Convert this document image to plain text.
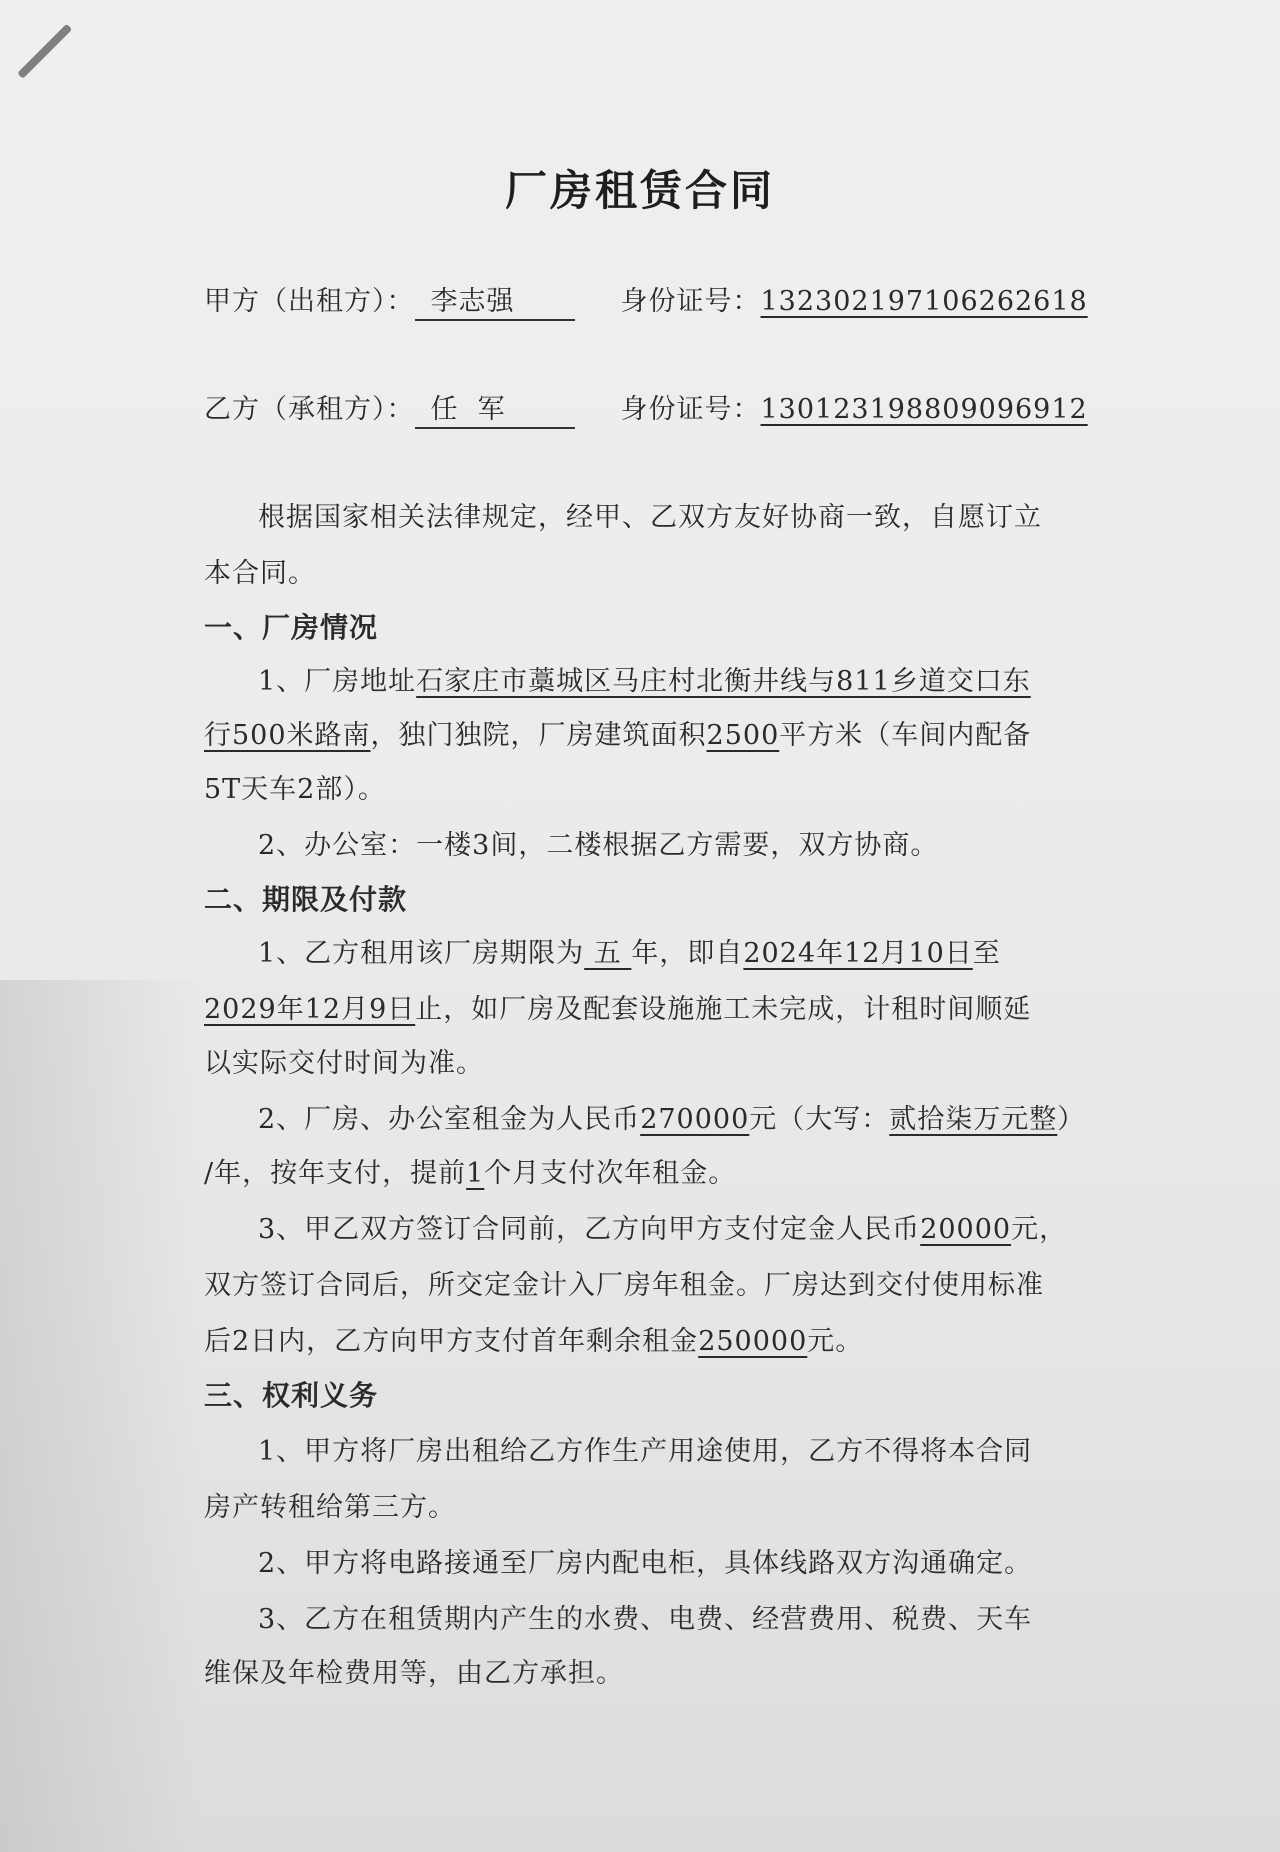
厂房租赁合同
甲方（出租方）： 李志强	身份证号：132302197106262618
乙方（承租方）： 任  军	身份证号：130123198809096912
根据国家相关法律规定，经甲、乙双方友好协商一致，自愿订立
本合同。
一、厂房情况
1、厂房地址石家庄市藁城区马庄村北衡井线与811乡道交口东
行500米路南，独门独院，厂房建筑面积2500平方米（车间内配备
5T天车2部）。
2、办公室：一楼3间，二楼根据乙方需要，双方协商。
二、期限及付款
1、乙方租用该厂房期限为 五 年，即自2024年12月10日至
2029年12月9日止，如厂房及配套设施施工未完成，计租时间顺延
以实际交付时间为准。
2、厂房、办公室租金为人民币270000元（大写：贰拾柒万元整）
/年，按年支付，提前1个月支付次年租金。
3、甲乙双方签订合同前，乙方向甲方支付定金人民币20000元，
双方签订合同后，所交定金计入厂房年租金。厂房达到交付使用标准
后2日内，乙方向甲方支付首年剩余租金250000元。
三、权利义务
1、甲方将厂房出租给乙方作生产用途使用，乙方不得将本合同
房产转租给第三方。
2、甲方将电路接通至厂房内配电柜，具体线路双方沟通确定。
3、乙方在租赁期内产生的水费、电费、经营费用、税费、天车
维保及年检费用等，由乙方承担。
